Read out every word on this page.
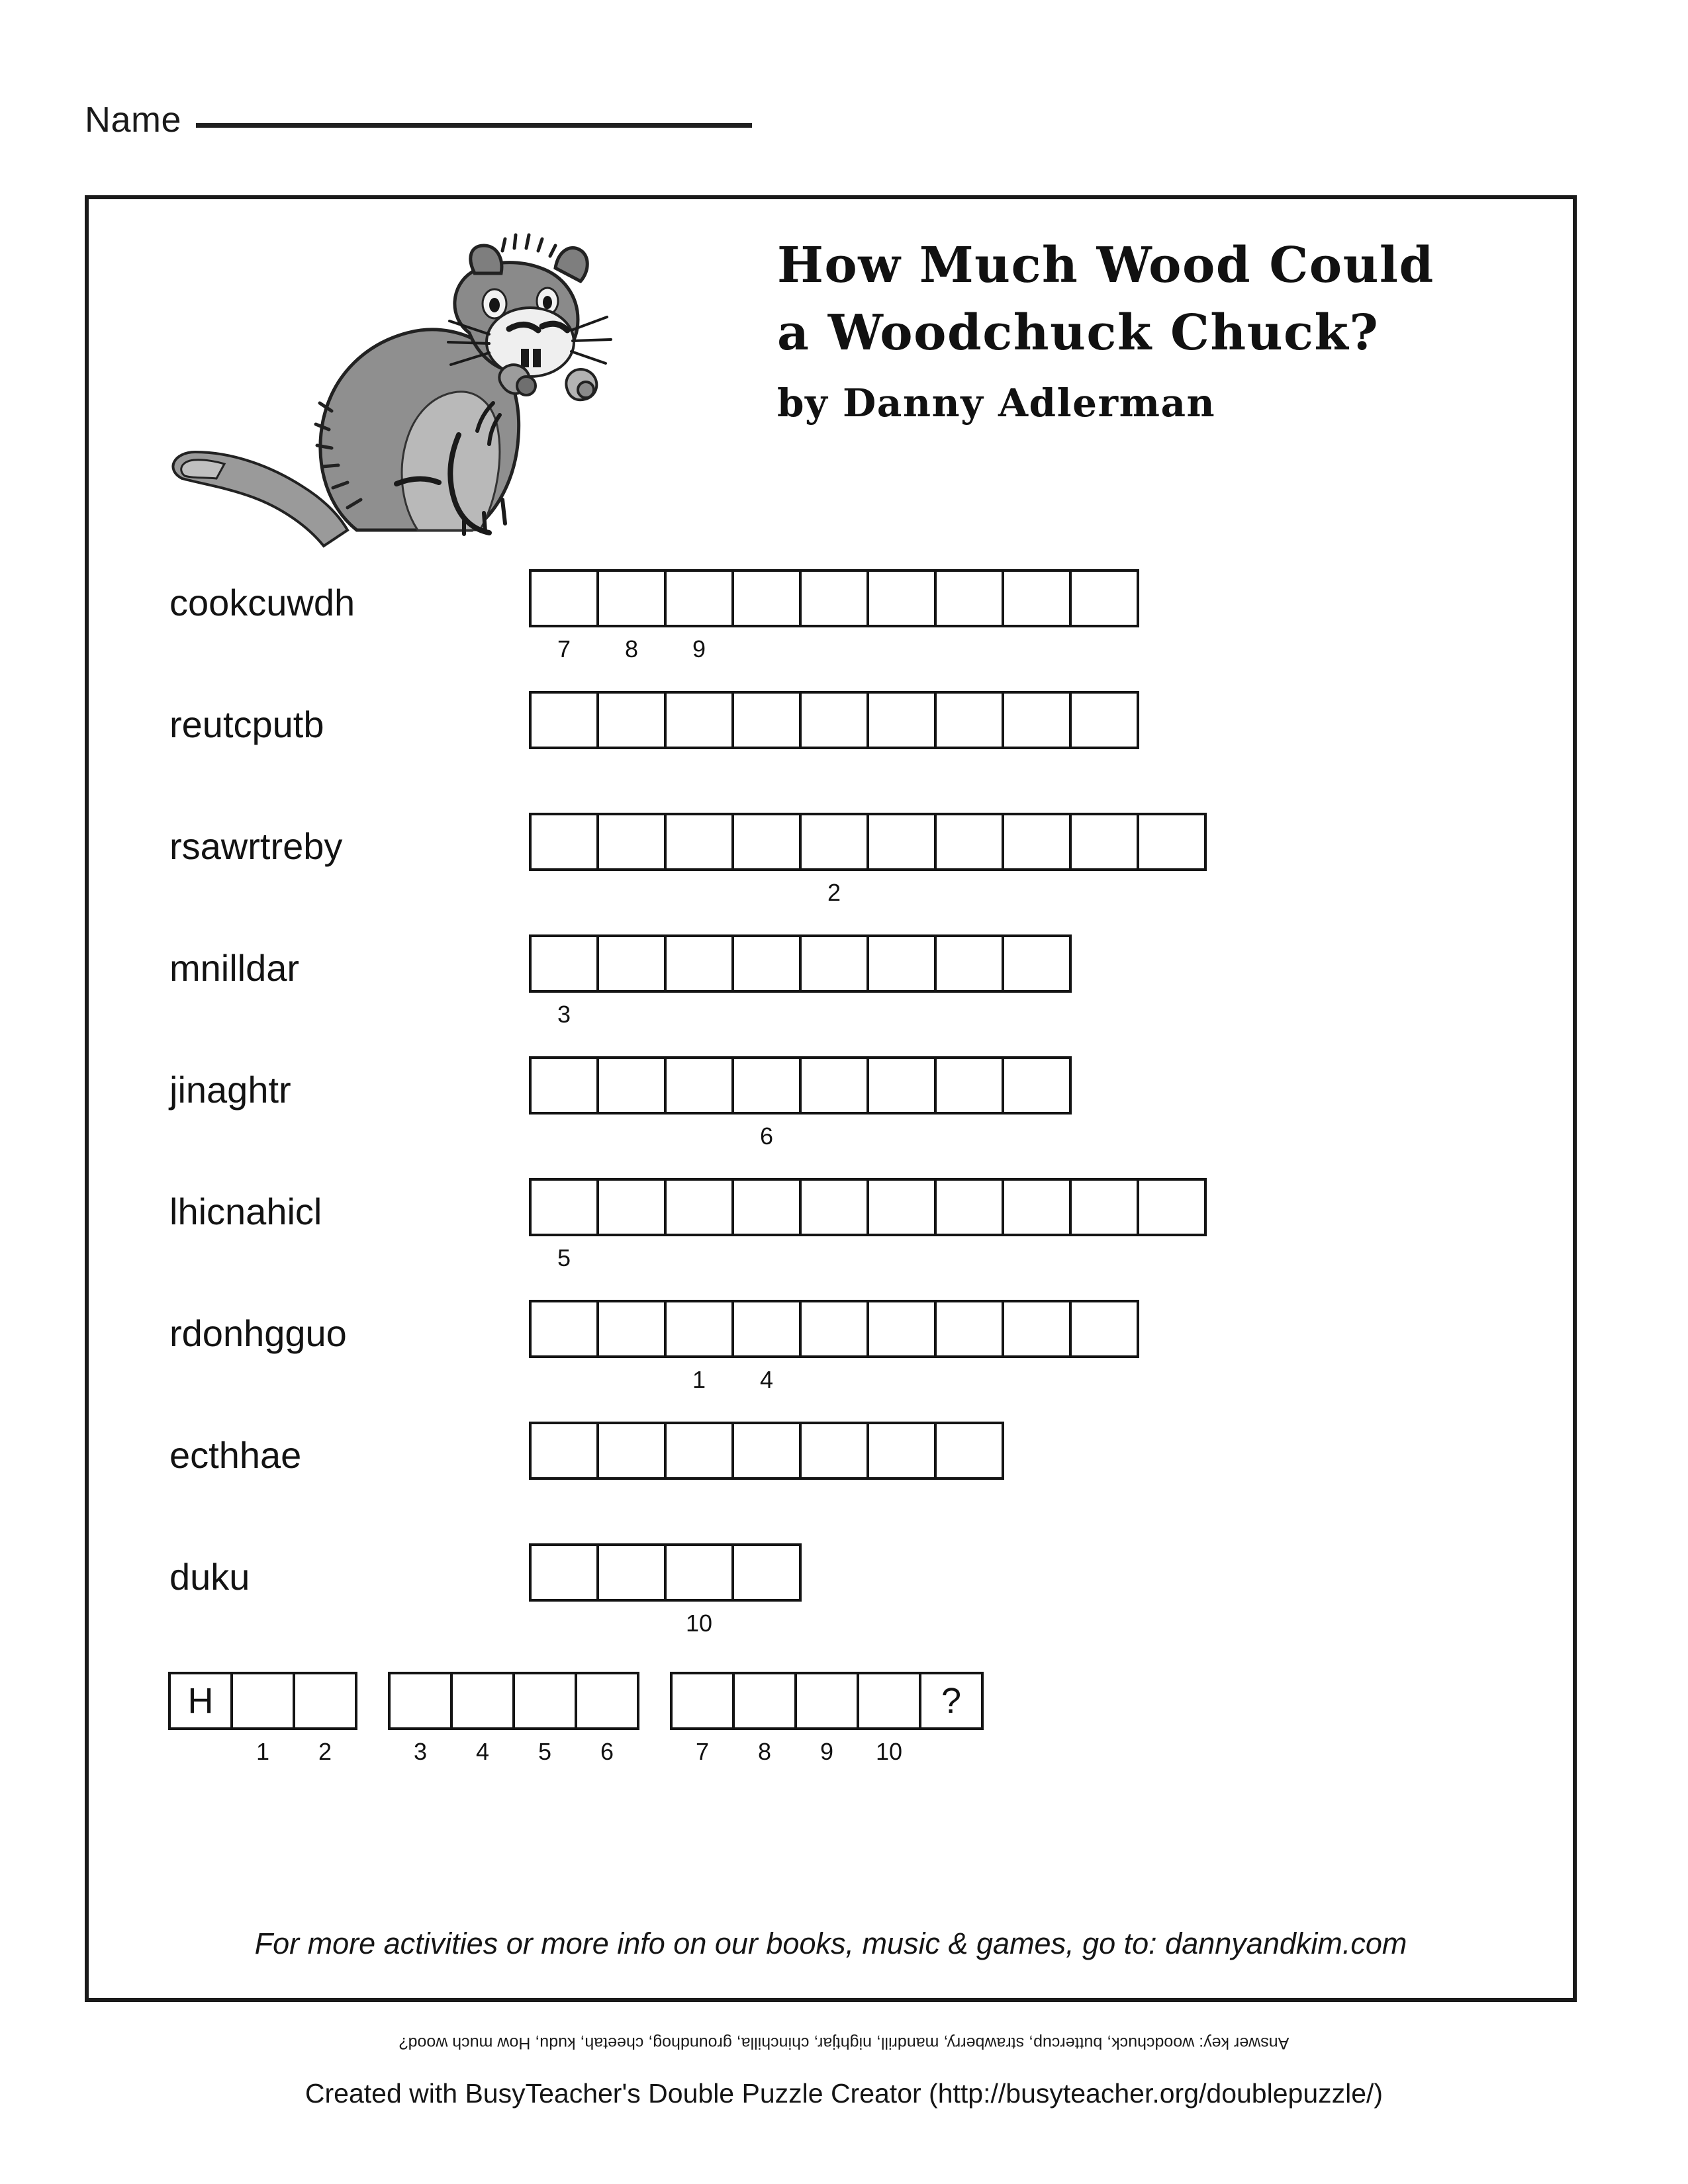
Name
How Much Wood Could
a Woodchuck Chuck?
by Danny Adlerman
cookcuwdh
7	8	9
reutcputb
rsawrtreby
2
mnilldar
3
jinaghtr
6
lhicnahicl
5
rdonhgguo
1	4
ecthhae
duku
10
H
1	2	3	4	5	6	7	8	9	10
?
For more activities or more info on our books, music & games, go to: dannyandkim.com
Answer key: woodchuck, buttercup, strawberry, mandrill, nightjar, chinchilla, groundhog, cheetah, kudu, How much wood?
Created with BusyTeacher's Double Puzzle Creator (http://busyteacher.org/doublepuzzle/)
